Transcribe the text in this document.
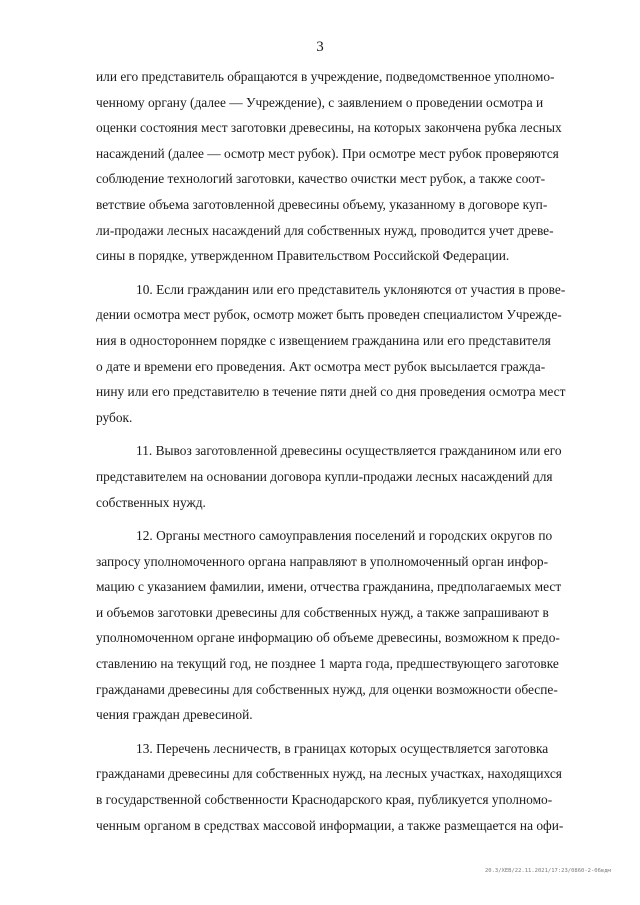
3

или его представитель обращаются в учреждение, подведомственное уполномо-
ченному органу (далее — Учреждение), с заявлением о проведении осмотра и
оценки состояния мест заготовки древесины, на которых закончена рубка лесных
насаждений (далее — осмотр мест рубок). При осмотре мест рубок проверяются
соблюдение технологий заготовки, качество очистки мест рубок, а также соот-
ветствие объема заготовленной древесины объему, указанному в договоре куп-
ли-продажи лесных насаждений для собственных нужд, проводится учет древе-
сины в порядке, утвержденном Правительством Российской Федерации.

10. Если гражданин или его представитель уклоняются от участия в прове-
дении осмотра мест рубок, осмотр может быть проведен специалистом Учрежде-
ния в одностороннем порядке с извещением гражданина или его представителя
о дате и времени его проведения. Акт осмотра мест рубок высылается гражда-
нину или его представителю в течение пяти дней со дня проведения осмотра мест
рубок.

11. Вывоз заготовленной древесины осуществляется гражданином или его
представителем на основании договора купли-продажи лесных насаждений для
собственных нужд.

12. Органы местного самоуправления поселений и городских округов по
запросу уполномоченного органа направляют в уполномоченный орган инфор-
мацию с указанием фамилии, имени, отчества гражданина, предполагаемых мест
и объемов заготовки древесины для собственных нужд, а также запрашивают в
уполномоченном органе информацию об объеме древесины, возможном к предо-
ставлению на текущий год, не позднее 1 марта года, предшествующего заготовке
гражданами древесины для собственных нужд, для оценки возможности обеспе-
чения граждан древесиной.

13. Перечень лесничеств, в границах которых осуществляется заготовка
гражданами древесины для собственных нужд, на лесных участках, находящихся
в государственной собственности Краснодарского края, публикуется уполномо-
ченным органом в средствах массовой информации, а также размещается на офи-

20.3/XEB/22.11.2021/17:23/0860-2-06вдм
